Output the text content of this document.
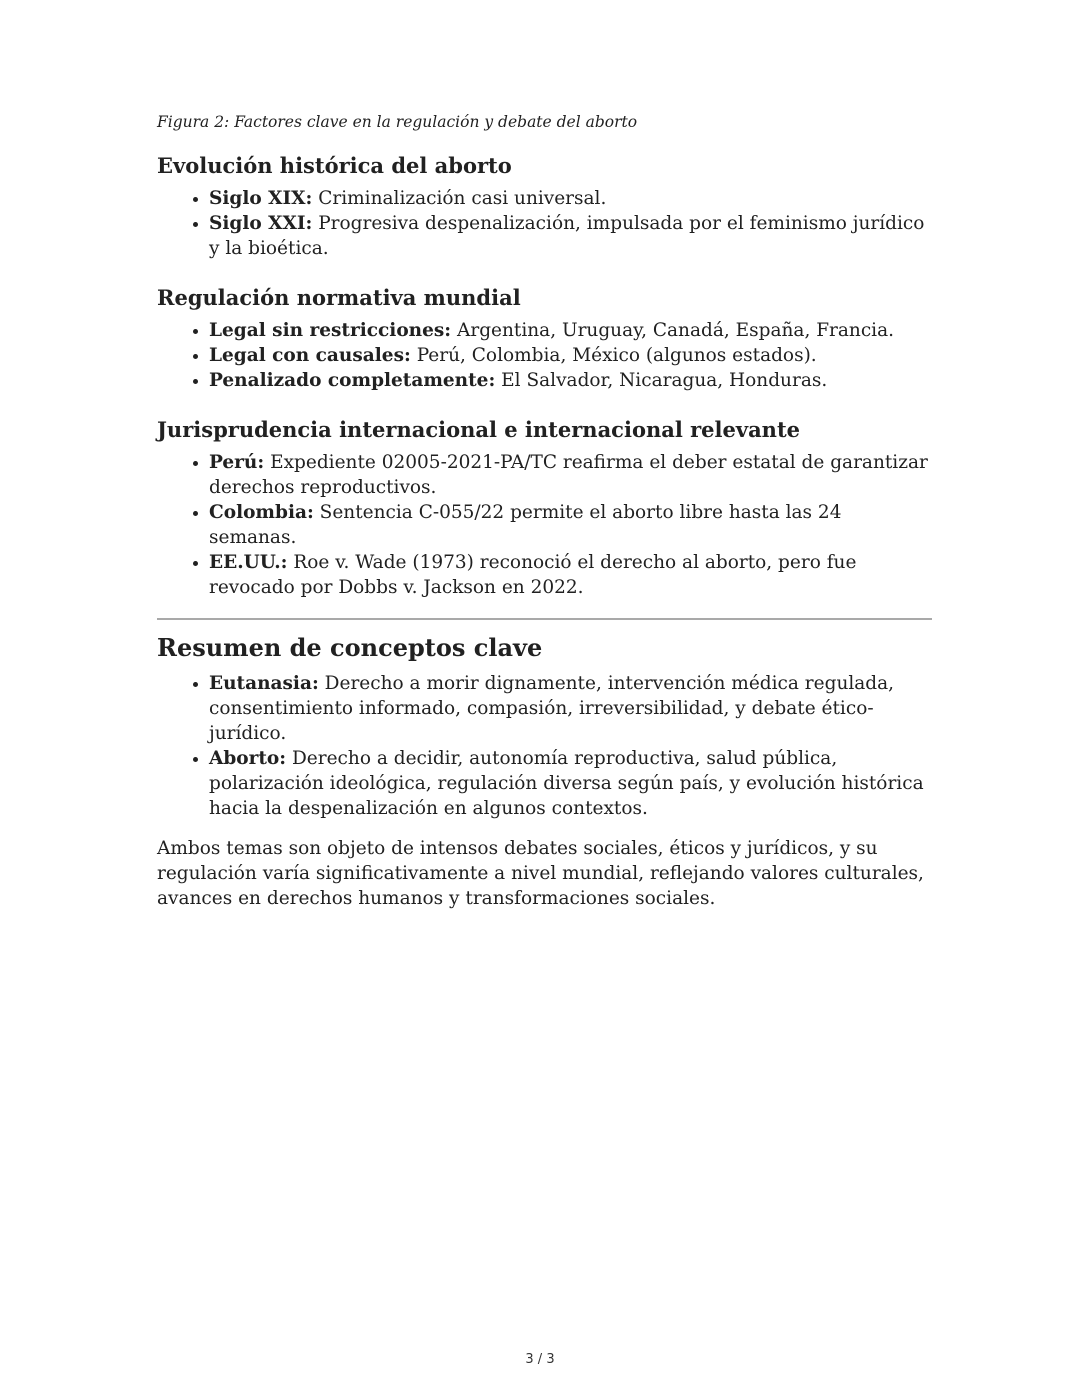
Figura 2: Factores clave en la regulación y debate del aborto

Evolución histórica del aborto
• Siglo XIX: Criminalización casi universal.
• Siglo XXI: Progresiva despenalización, impulsada por el feminismo jurídico y la bioética.
Regulación normativa mundial
• Legal sin restricciones: Argentina, Uruguay, Canadá, España, Francia.
• Legal con causales: Perú, Colombia, México (algunos estados).
• Penalizado completamente: El Salvador, Nicaragua, Honduras.
Jurisprudencia internacional e internacional relevante
• Perú: Expediente 02005-2021-PA/TC reafirma el deber estatal de garantizar derechos reproductivos.
• Colombia: Sentencia C-055/22 permite el aborto libre hasta las 24 semanas.
• EE.UU.: Roe v. Wade (1973) reconoció el derecho al aborto, pero fue revocado por Dobbs v. Jackson en 2022.
Resumen de conceptos clave
• Eutanasia: Derecho a morir dignamente, intervención médica regulada, consentimiento informado, compasión, irreversibilidad, y debate ético-jurídico.
• Aborto: Derecho a decidir, autonomía reproductiva, salud pública, polarización ideológica, regulación diversa según país, y evolución histórica hacia la despenalización en algunos contextos.

Ambos temas son objeto de intensos debates sociales, éticos y jurídicos, y su regulación varía significativamente a nivel mundial, reflejando valores culturales, avances en derechos humanos y transformaciones sociales.

3 / 3
